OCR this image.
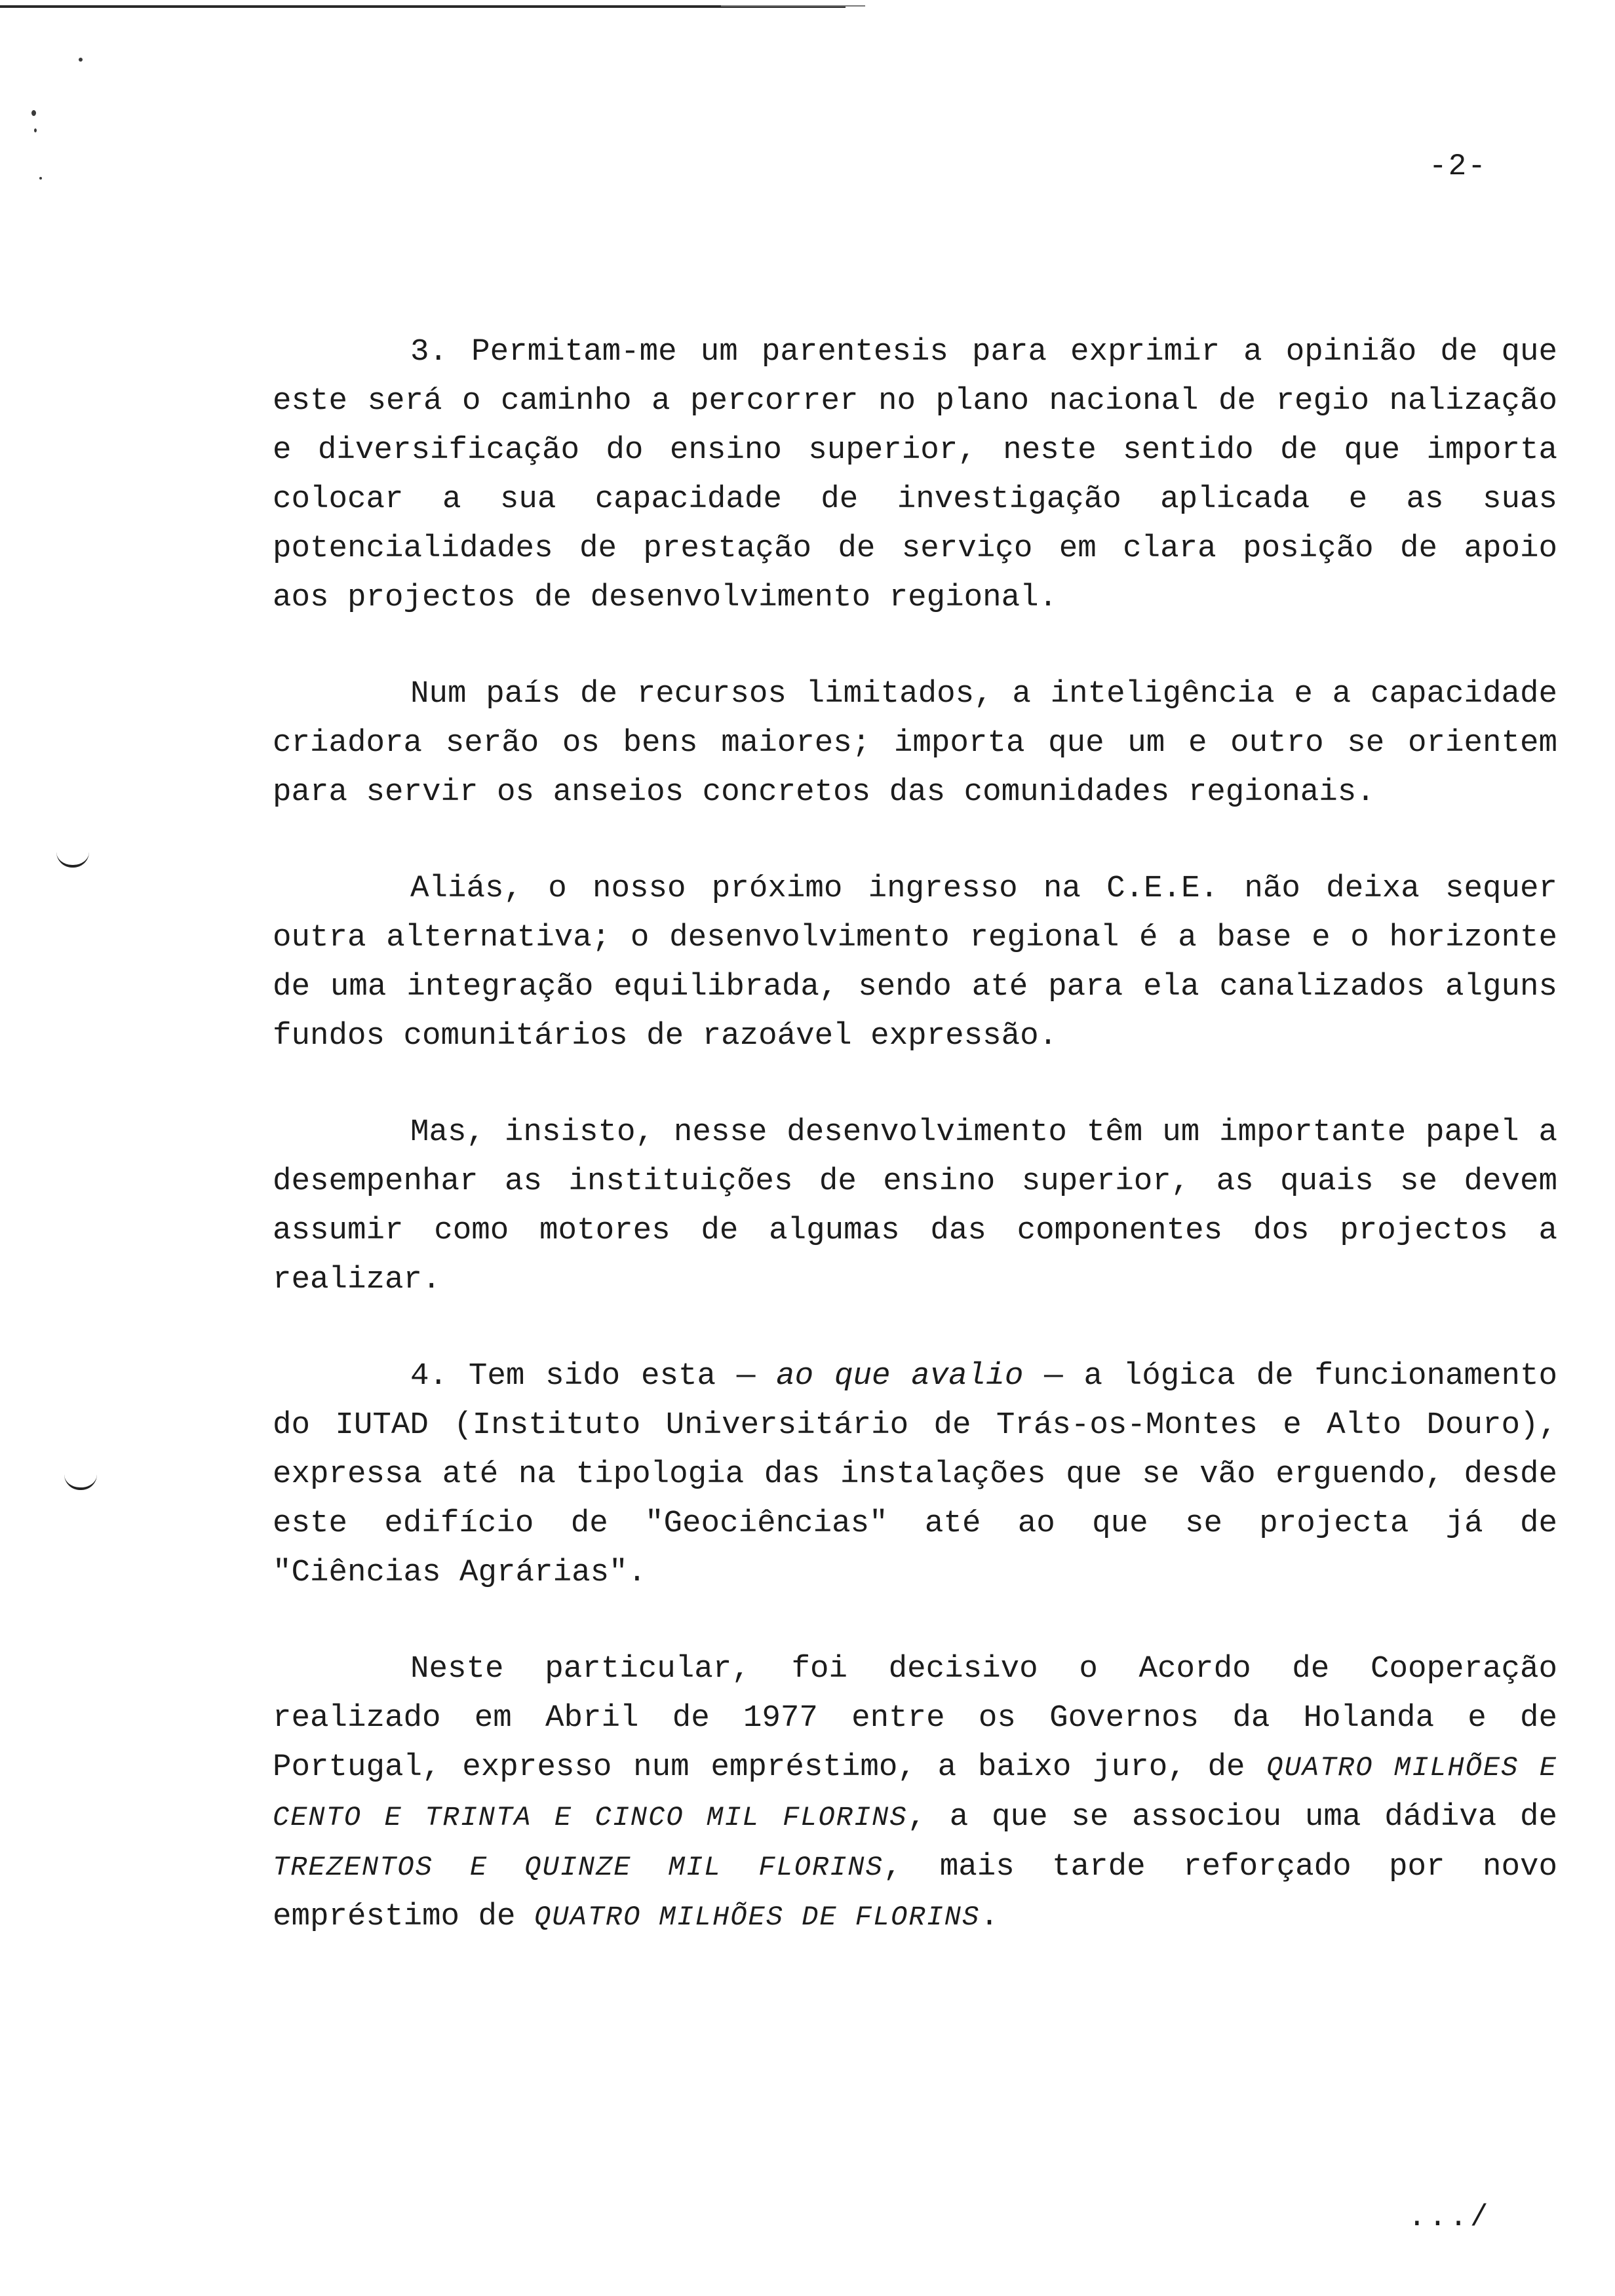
-2-

3. Permitam-me um parentesis para exprimir a opinião de que este será o caminho a percorrer no plano nacional de regio nalização e diversificação do ensino superior, neste sentido de que importa colocar a sua capacidade de investigação aplicada e as suas potencialidades de prestação de serviço em clara posição de apoio aos projectos de desenvolvimento regional.

Num país de recursos limitados, a inteligência e a capacidade criadora serão os bens maiores; importa que um e outro se orientem para servir os anseios concretos das comunidades regionais.

Aliás, o nosso próximo ingresso na C.E.E. não deixa sequer outra alternativa; o desenvolvimento regional é a base e o horizonte de uma integração equilibrada, sendo até para ela canalizados alguns fundos comunitários de razoável expressão.

Mas, insisto, nesse desenvolvimento têm um importante papel a desempenhar as instituições de ensino superior, as quais se devem assumir como motores de algumas das componentes dos projectos a realizar.

4. Tem sido esta — ao que avalio — a lógica de funcionamento do IUTAD (Instituto Universitário de Trás-os-Montes e Alto Douro), expressa até na tipologia das instalações que se vão erguendo, desde este edifício de "Geociências" até ao que se projecta já de "Ciências Agrárias".

Neste particular, foi decisivo o Acordo de Cooperação realizado em Abril de 1977 entre os Governos da Holanda e de Portugal, expresso num empréstimo, a baixo juro, de QUATRO MILHÕES E CENTO E TRINTA E CINCO MIL FLORINS, a que se associou uma dádiva de TREZENTOS E QUINZE MIL FLORINS, mais tarde reforçado por novo empréstimo de QUATRO MILHÕES DE FLORINS.

.../
